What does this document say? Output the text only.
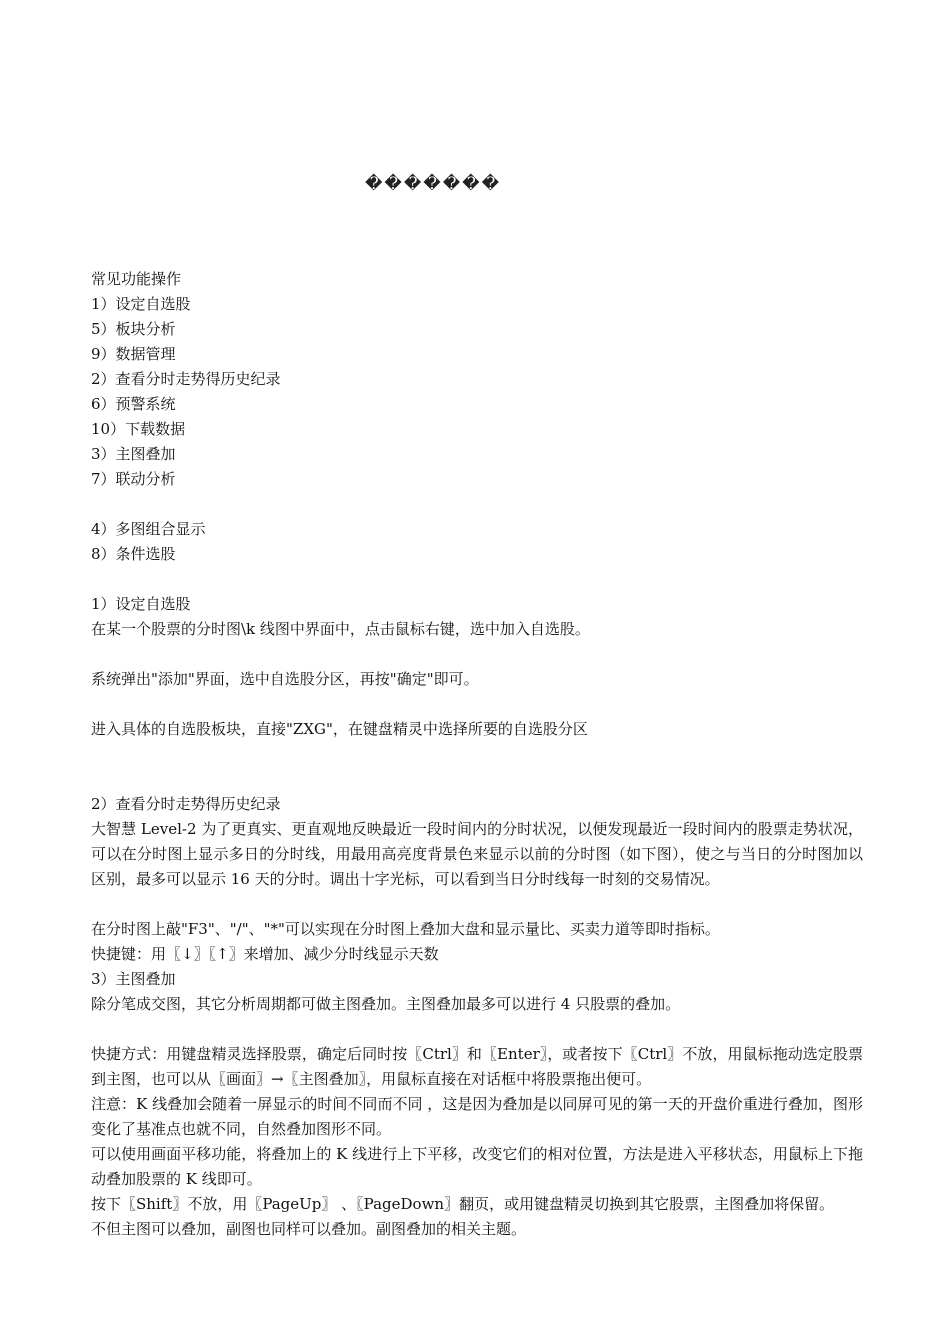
�������
常见功能操作
1）设定自选股
5）板块分析
9）数据管理
2）查看分时走势得历史纪录
6）预警系统
10）下载数据
3）主图叠加
7）联动分析
4）多图组合显示
8）条件选股
1）设定自选股
在某一个股票的分时图\k 线图中界面中，点击鼠标右键，选中加入自选股。
系统弹出"添加"界面，选中自选股分区，再按"确定"即可。
进入具体的自选股板块，直接"ZXG"，在键盘精灵中选择所要的自选股分区
2）查看分时走势得历史纪录
大智慧 Level-2 为了更真实、更直观地反映最近一段时间内的分时状况，以便发现最近一段时间内的股票走势状况，可以在分时图上显示多日的分时线，用最用高亮度背景色来显示以前的分时图（如下图），使之与当日的分时图加以区别，最多可以显示 16 天的分时。调出十字光标，可以看到当日分时线每一时刻的交易情况。
在分时图上敲"F3"、"/"、"*"可以实现在分时图上叠加大盘和显示量比、买卖力道等即时指标。
快捷键：用〖↓〗〖↑〗来增加、减少分时线显示天数
3）主图叠加
除分笔成交图，其它分析周期都可做主图叠加。主图叠加最多可以进行 4 只股票的叠加。
快捷方式：用键盘精灵选择股票，确定后同时按〖Ctrl〗和〖Enter〗，或者按下〖Ctrl〗不放，用鼠标拖动选定股票到主图，也可以从〖画面〗→〖主图叠加〗，用鼠标直接在对话框中将股票拖出便可。
注意：K 线叠加会随着一屏显示的时间不同而不同 ，这是因为叠加是以同屏可见的第一天的开盘价重进行叠加，图形变化了基准点也就不同，自然叠加图形不同。
可以使用画面平移功能，将叠加上的 K 线进行上下平移，改变它们的相对位置，方法是进入平移状态，用鼠标上下拖动叠加股票的 K 线即可。
按下〖Shift〗不放，用〖PageUp〗 、〖PageDown〗翻页，或用键盘精灵切换到其它股票，主图叠加将保留。
不但主图可以叠加，副图也同样可以叠加。副图叠加的相关主题。
